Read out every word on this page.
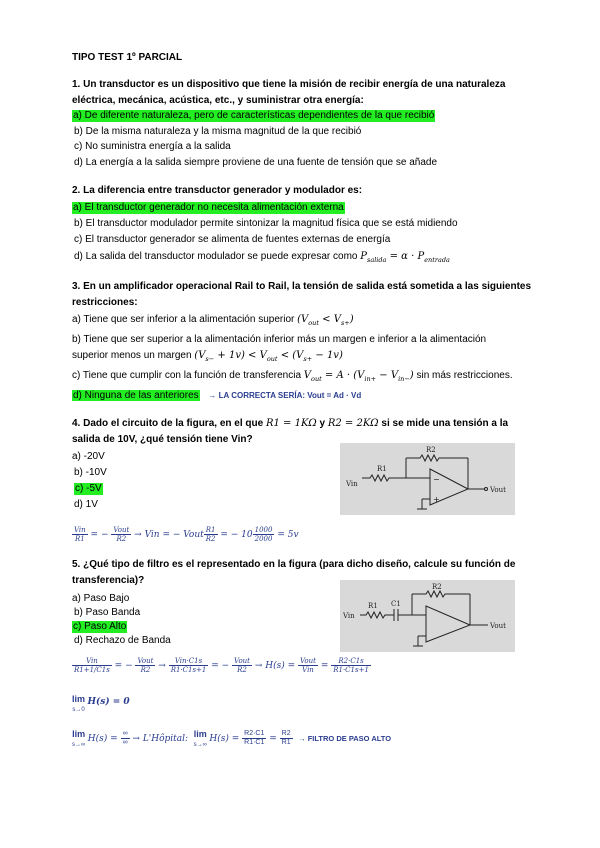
TIPO TEST 1º PARCIAL
1. Un transductor es un dispositivo que tiene la misión de recibir energía de una naturaleza
eléctrica, mecánica, acústica, etc., y suministrar otra energía:
a) De diferente naturaleza, pero de características dependientes de la que recibió
b) De la misma naturaleza y la misma magnitud de la que recibió
c) No suministra energía a la salida
d) La energía a la salida siempre proviene de una fuente de tensión que se añade
2. La diferencia entre transductor generador y modulador es:
a) El transductor generador no necesita alimentación externa
b) El transductor modulador permite sintonizar la magnitud física que se está midiendo
c) El transductor generador se alimenta de fuentes externas de energía
d) La salida del transductor modulador se puede expresar como $P_{salida} = \alpha \cdot P_{entrada}$
3. En un amplificador operacional Rail to Rail, la tensión de salida está sometida a las siguientes
restricciones:
a) Tiene que ser inferior a la alimentación superior $(V_{out} < V_{s+})$
b) Tiene que ser superior a la alimentación inferior más un margen e inferior a la alimentación
superior menos un margen $(V_{s-} + 1v) < V_{out} < (V_{s+} - 1v)$
c) Tiene que cumplir con la función de transferencia $V_{out} = A \cdot (V_{in+} - V_{in-})$ sin más restricciones.
d) Ninguna de las anteriores → LA CORRECTA SERÍA: Vout = Ad · Vd
4. Dado el circuito de la figura, en el que R1 = 1KΩ y R2 = 2KΩ si se mide una tensión a la
salida de 10V, ¿qué tensión tiene Vin?
a) -20V
b) -10V
c) -5V
d) 1V
$\frac{\text{Vin}}{R1}$ = − $\frac{\text{Vout}}{R2}$ → Vin = − Vout $\frac{R1}{R2}$ = − $10 \frac{1000}{2000} = 5v$
R2
R1
Vin
Vout
−
+
5. ¿Qué tipo de filtro es el representado en la figura (para dicho diseño, calcule su función de
transferencia)?
a) Paso Bajo
b) Paso Banda
c) Paso Alto
d) Rechazo de Banda
$\frac{\text{Vin}}{R1+1/C1s}$ = − $\frac{\text{Vout}}{R2} \to \frac{\text{Vin·C1s}}{R1\cdot C1s+1}$ = − $\frac{\text{Vout}}{R2} \to H(s) = \frac{\text{Vout}}{\text{Vin}} = \frac{R2\cdot C1s}{R1\cdot C1s+1}$
lim
s→0 H(s) = 0
lim
s→∞ $H(s) = \frac{\infty}{\infty}$ → L'Hôpital: lim
s→∞ $H(s) = \frac{R2\cdot C1}{R1\cdot C1} = \frac{R2}{R1}$ → FILTRO DE PASO ALTO
R2
R1 C1
Vin
Vout
